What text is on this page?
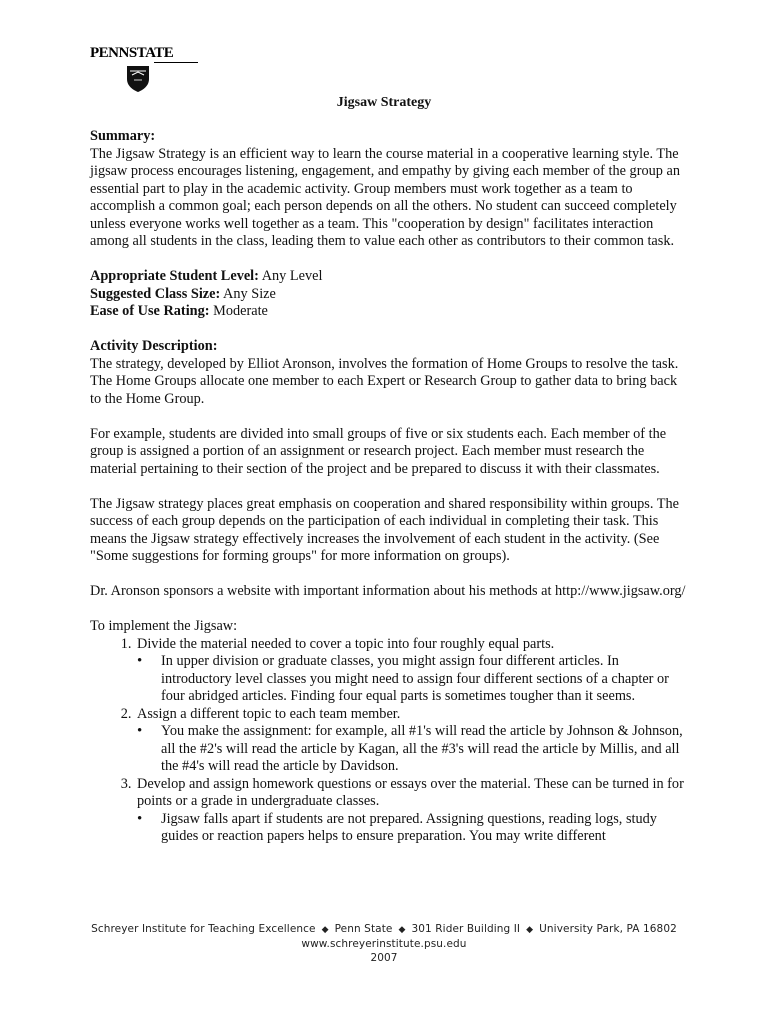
PENNSTATE
Jigsaw Strategy

Summary:

The Jigsaw Strategy is an efficient way to learn the course material in a cooperative learning style. The jigsaw process encourages listening, engagement, and empathy by giving each member of the group an essential part to play in the academic activity. Group members must work together as a team to accomplish a common goal; each person depends on all the others. No student can succeed completely unless everyone works well together as a team. This "cooperation by design" facilitates interaction among all students in the class, leading them to value each other as contributors to their common task.

Appropriate Student Level: Any Level

Suggested Class Size: Any Size

Ease of Use Rating: Moderate

Activity Description:

The strategy, developed by Elliot Aronson, involves the formation of Home Groups to resolve the task. The Home Groups allocate one member to each Expert or Research Group to gather data to bring back to the Home Group.

For example, students are divided into small groups of five or six students each. Each member of the group is assigned a portion of an assignment or research project. Each member must research the material pertaining to their section of the project and be prepared to discuss it with their classmates.

The Jigsaw strategy places great emphasis on cooperation and shared responsibility within groups. The success of each group depends on the participation of each individual in completing their task. This means the Jigsaw strategy effectively increases the involvement of each student in the activity. (See "Some suggestions for forming groups" for more information on groups).

Dr. Aronson sponsors a website with important information about his methods at http://www.jigsaw.org/

To implement the Jigsaw:

1. Divide the material needed to cover a topic into four roughly equal parts.
• In upper division or graduate classes, you might assign four different articles. In introductory level classes you might need to assign four different sections of a chapter or four abridged articles. Finding four equal parts is sometimes tougher than it seems.
2. Assign a different topic to each team member.
• You make the assignment: for example, all #1's will read the article by Johnson & Johnson, all the #2's will read the article by Kagan, all the #3's will read the article by Millis, and all the #4's will read the article by Davidson.
3. Develop and assign homework questions or essays over the material. These can be turned in for points or a grade in undergraduate classes.
• Jigsaw falls apart if students are not prepared. Assigning questions, reading logs, study guides or reaction papers helps to ensure preparation. You may write different
Schreyer Institute for Teaching Excellence ◆ Penn State ◆ 301 Rider Building II ◆ University Park, PA 16802
www.schreyerinstitute.psu.edu
2007
